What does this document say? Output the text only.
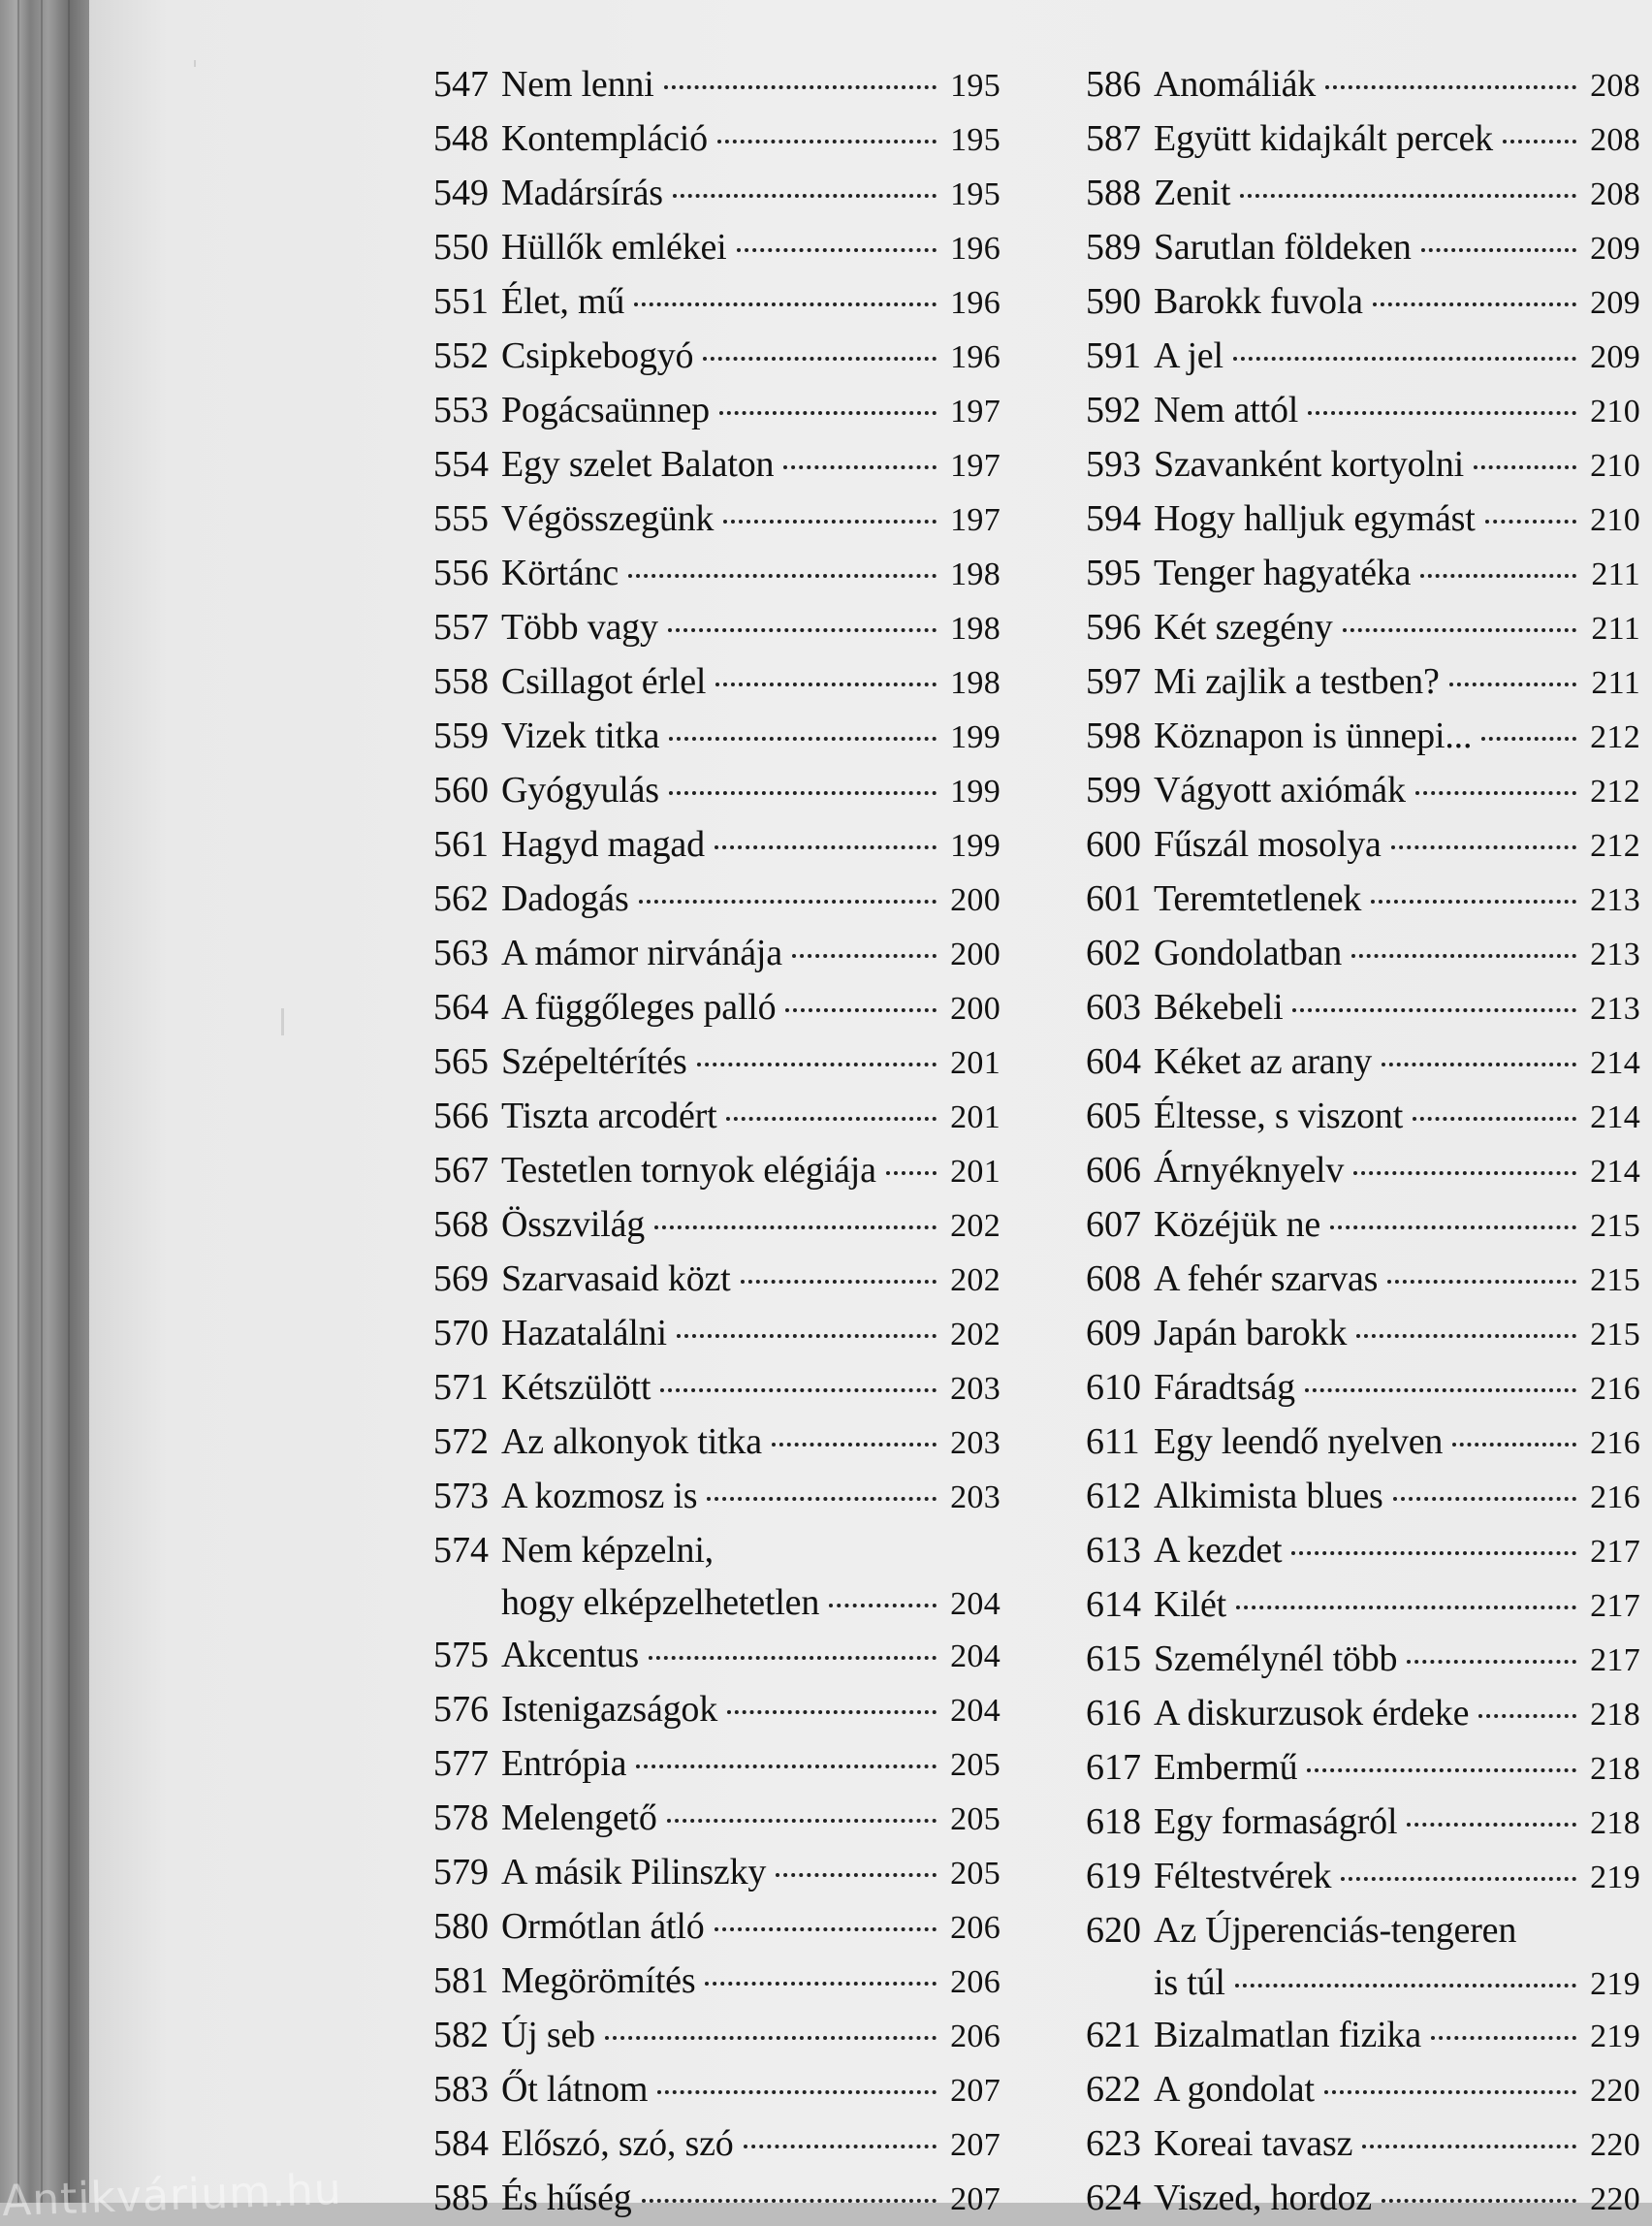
547 Nem lenni	195
548 Kontempláció	195
549 Madársírás	195
550 Hüllők emlékei	196
551 Élet, mű	196
552 Csipkebogyó	196
553 Pogácsaünnep	197
554 Egy szelet Balaton	197
555 Végösszegünk	197
556 Körtánc	198
557 Több vagy	198
558 Csillagot érlel	198
559 Vizek titka	199
560 Gyógyulás	199
561 Hagyd magad	199
562 Dadogás	200
563 A mámor nirvánája	200
564 A függőleges palló	200
565 Szépeltérítés	201
566 Tiszta arcodért	201
567 Testetlen tornyok elégiája 201
568 Összvilág	202
569 Szarvasaid közt	202
570 Hazatalálni	202
571 Kétszülött	203
572 Az alkonyok titka	203
573 A kozmosz is	203
574 Nem képzelni,
hogy elképzelhetetlen	204
575 Akcentus	204
576 Istenigazságok	204
577 Entrópia	205
578 Melengető	205
579 A másik Pilinszky	205
580 Ormótlan átló	206
581 Megörömítés	206
582 Új seb	206
583 Őt látnom	207
584 Előszó, szó, szó	207
585 És hűség	207
586 Anomáliák	208
587 Együtt kidajkált percek	208
588 Zenit	208
589 Sarutlan földeken	209
590 Barokk fuvola	209
591 A jel	209
592 Nem attól	210
593 Szavanként kortyolni	210
594 Hogy halljuk egymást	210
595 Tenger hagyatéka	211
596 Két szegény	211
597 Mi zajlik a testben?	211
598 Köznapon is ünnepi...	212
599 Vágyott axiómák	212
600 Fűszál mosolya	212
601 Teremtetlenek	213
602 Gondolatban	213
603 Békebeli	213
604 Kéket az arany	214
605 Éltesse, s viszont	214
606 Árnyéknyelv	214
607 Közéjük ne	215
608 A fehér szarvas	215
609 Japán barokk	215
610 Fáradtság	216
611 Egy leendő nyelven	216
612 Alkimista blues	216
613 A kezdet	217
614 Kilét	217
615 Személynél több	217
616 A diskurzusok érdeke	218
617 Embermű	218
618 Egy formaságról	218
619 Féltestvérek	219
620 Az Újperenciás-tengeren
is túl	219
621 Bizalmatlan fizika	219
622 A gondolat	220
623 Koreai tavasz	220
624 Viszed, hordoz	220
Antikvárium.hu
